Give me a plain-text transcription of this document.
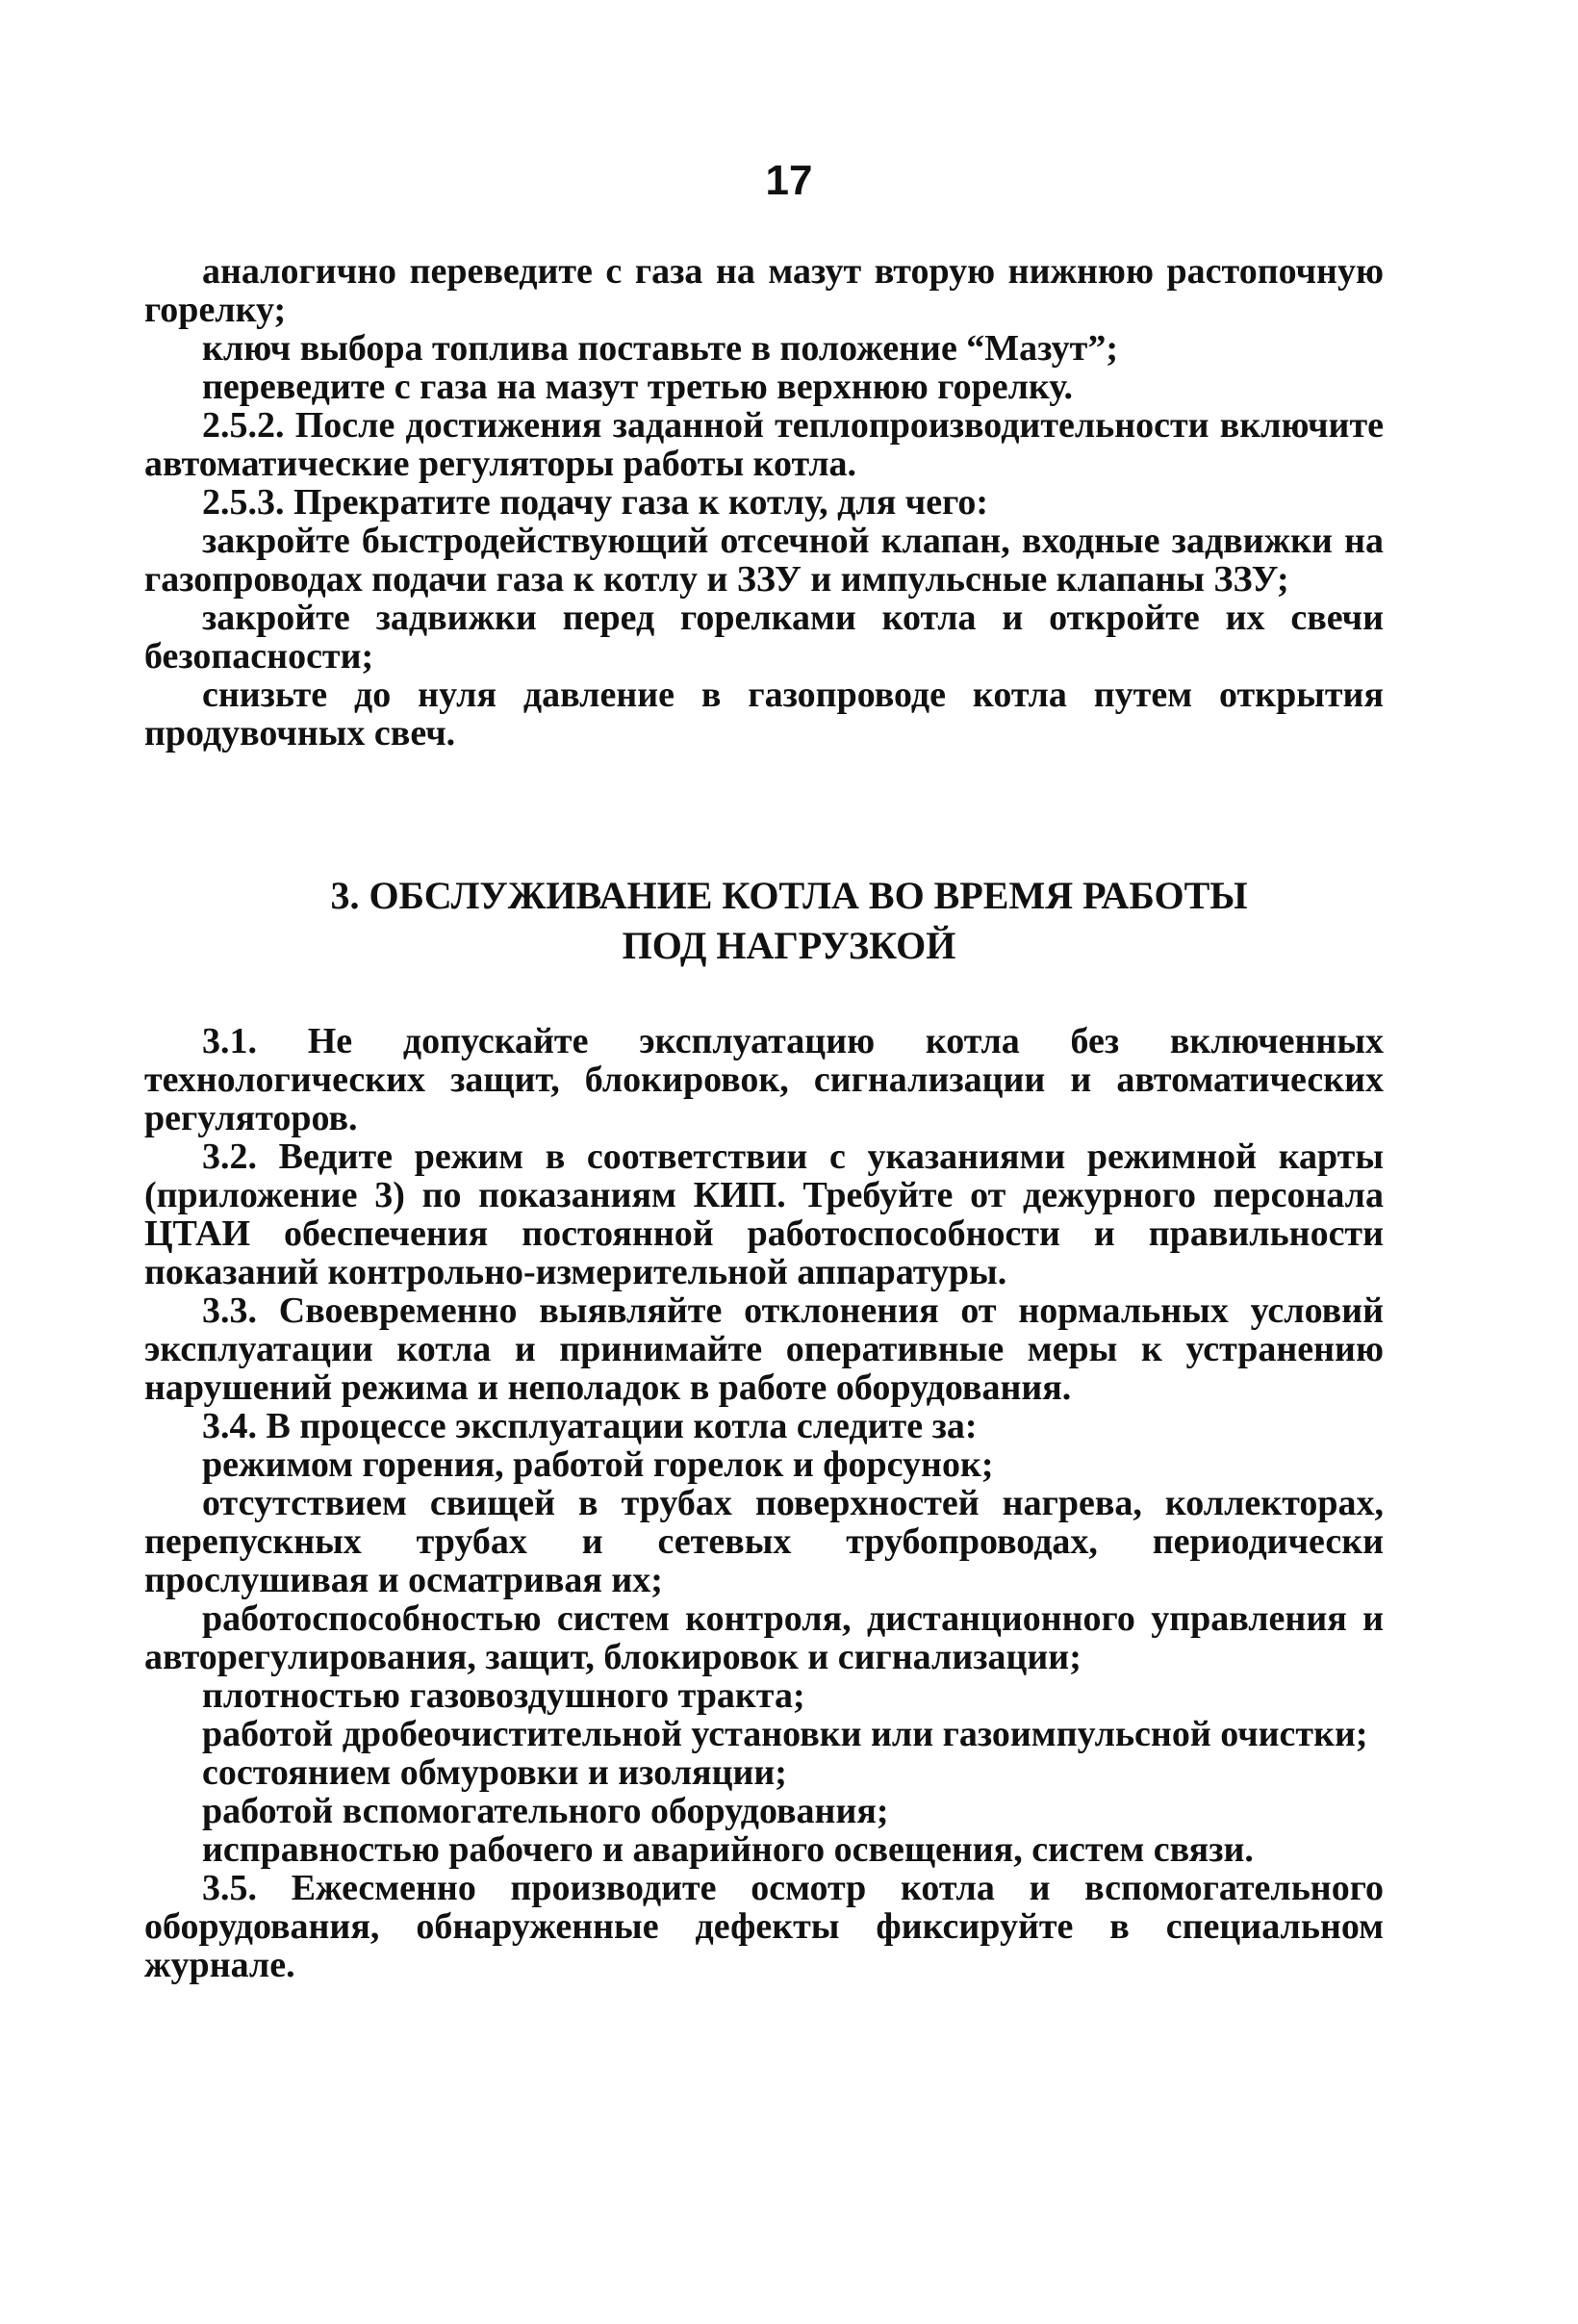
17

аналогично переведите с газа на мазут вторую нижнюю растопочную горелку;

ключ выбора топлива поставьте в положение “Мазут”;

переведите с газа на мазут третью верхнюю горелку.

2.5.2. После достижения заданной теплопроизводительности включите автоматические регуляторы работы котла.

2.5.3. Прекратите подачу газа к котлу, для чего:

закройте быстродействующий отсечной клапан, входные задвижки на газопроводах подачи газа к котлу и ЗЗУ и импульсные клапаны ЗЗУ;

закройте задвижки перед горелками котла и откройте их свечи безопасности;

снизьте до нуля давление в газопроводе котла путем открытия продувочных свеч.

3. ОБСЛУЖИВАНИЕ КОТЛА ВО ВРЕМЯ РАБОТЫ
ПОД НАГРУЗКОЙ

3.1. Не допускайте эксплуатацию котла без включенных технологических защит, блокировок, сигнализации и автоматических регуляторов.

3.2. Ведите режим в соответствии с указаниями режимной карты (приложение 3) по показаниям КИП. Требуйте от дежурного персонала ЦТАИ обеспечения постоянной работоспособности и правильности показаний контрольно-измерительной аппаратуры.

3.3. Своевременно выявляйте отклонения от нормальных условий эксплуатации котла и принимайте оперативные меры к устранению нарушений режима и неполадок в работе оборудования.

3.4. В процессе эксплуатации котла следите за:

режимом горения, работой горелок и форсунок;

отсутствием свищей в трубах поверхностей нагрева, коллекторах, перепускных трубах и сетевых трубопроводах, периодически прослушивая и осматривая их;

работоспособностью систем контроля, дистанционного управления и авторегулирования, защит, блокировок и сигнализации;

плотностью газовоздушного тракта;

работой дробеочистительной установки или газоимпульсной очистки;

состоянием обмуровки и изоляции;

работой вспомогательного оборудования;

исправностью рабочего и аварийного освещения, систем связи.

3.5. Ежесменно производите осмотр котла и вспомогательного оборудования, обнаруженные дефекты фиксируйте в специальном журнале.
